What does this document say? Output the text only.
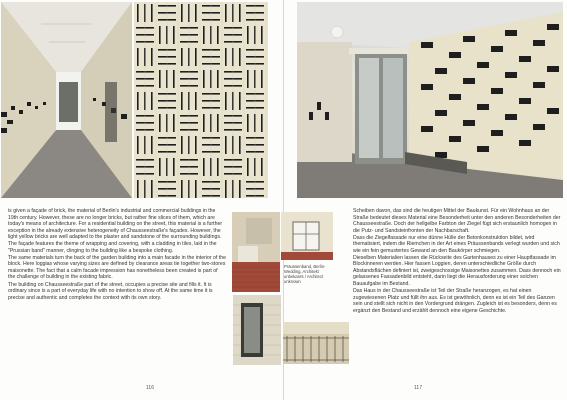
Präussenband, Berlin-Wedding, Architekt unbekannt / Architect unknown

is given a façade of brick, the material of Berlin's industrial and commercial buildings in the 19th century. However, these are no longer bricks, but rather fine slices of them, which are today's means of architecture. For a residential building on the street, this material is a further exception in the already extensive heterogeneity of Chausseestraße's façades. However, the light yellow bricks are well adapted to the plaster and sandstone of the surrounding buildings.

The façade features the theme of wrapping and covering, with a cladding in tiles, laid in the "Prussian band" manner, clinging to the building like a bespoke clothing.

The same materials turn the back of the garden building into a main facade in the interior of the block. Here loggias whose varying sizes are defined by clearance areas tie together two-stores maisonette. The fact that a calm facade impression has nonetheless been created is part of the challenge of building in the existing fabric.

The building on Chausseestraße part of the street, occupies a precise site and fills it. It is ordinary since is a part of everyday life with no intention to show off. At the same time it is precise and authentic and completes the context with its own story.

Scheiben davon, das sind die heutigen Mittel der Baukunst. Für ein Wohnhaus an der Straße bedeutet dieses Material eine Besonderheit unter den anderen Besonderheiten der Chausseestraße. Doch der hellgelbe Farbton der Ziegel fügt sich erstaunlich homogen in die Putz- und Sandsteinfronten der Nachbarschaft.

Dass die Ziegelfassade nur eine dünne Hülle der Betonkonstruktion bildet, wird thematisiert, indem die Riemchen in der Art eines Präussenbands verlegt wurden und sich wie ein fein gemustertes Gewand an den Baukörper schmiegen.

Dieselben Materialien lassen die Rückseite des Gartenhauses zu einer Hauptfassade im Blockinneren werden. Hier fassen Loggien, deren unterschiedliche Größe durch Abstandsflächen definiert ist, zweigeschossige Maisonettes zusammen. Dass dennoch ein gelassenes Fassadenbild entsteht, darin liegt die Herausforderung einer solchen Bauaufgabe im Bestand.

Das Haus in der Chausseestraße ist Teil der Straße heranzogen, es hat einen zugewiesenen Platz und füllt ihn aus. Es ist gewöhnlich, denn es ist ein Teil des Ganzen sein und stellt sich nicht in den Vordergrund drängen. Zugleich ist es besonders, denn es ergänzt den Bestand und erzählt dennoch eine eigene Geschichte.

116	117
